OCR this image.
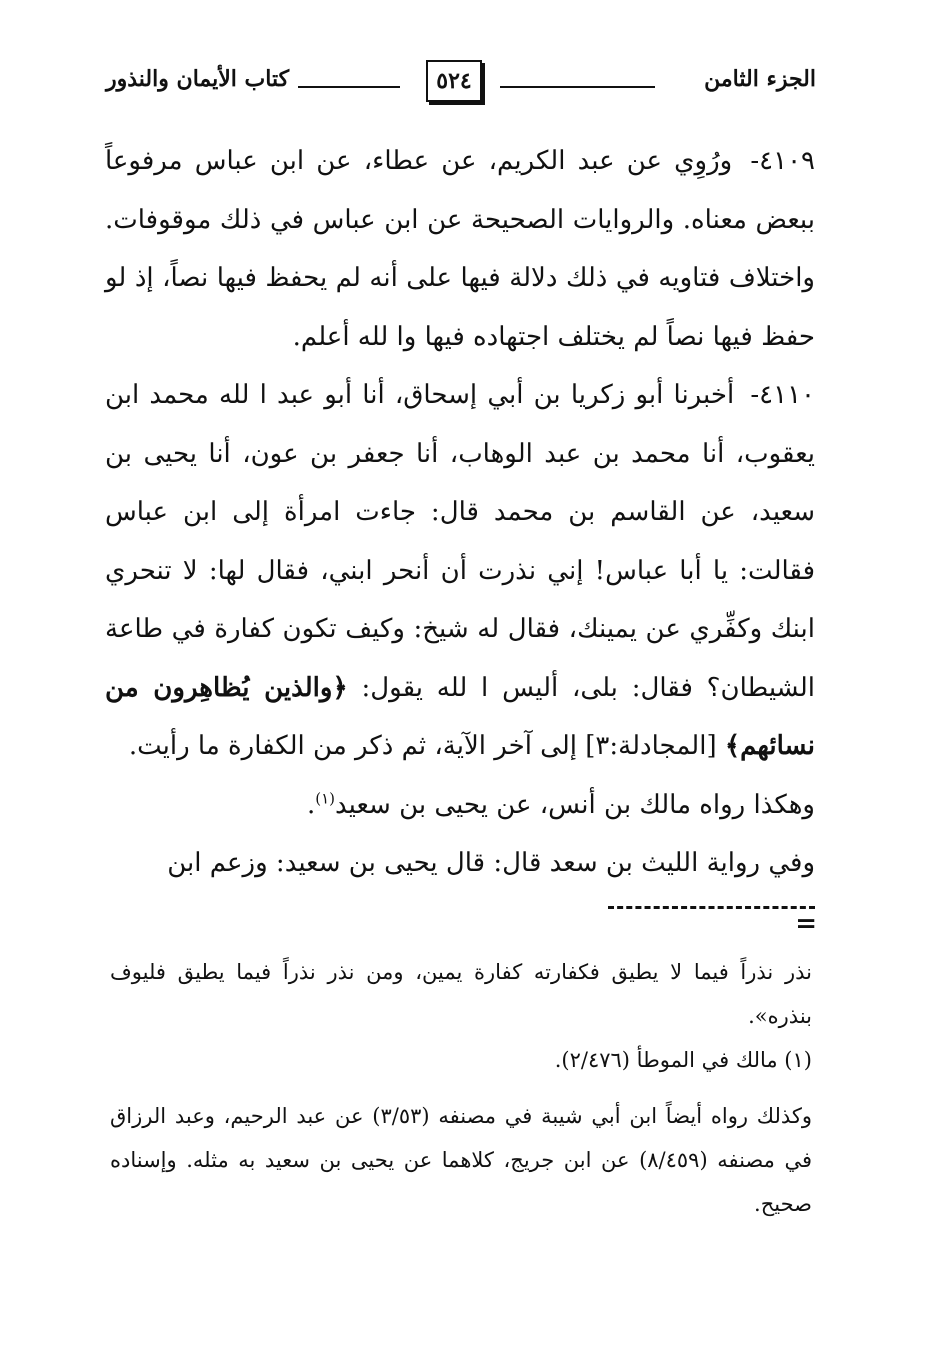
الجزء الثامن
٥٢٤
كتاب الأيمان والنذور

٤١٠٩- ورُوِي عن عبد الكريم، عن عطاء، عن ابن عباس مرفوعاً ببعض معناه. والروايات الصحيحة عن ابن عباس في ذلك موقوفات. واختلاف فتاويه في ذلك دلالة فيها على أنه لم يحفظ فيها نصاً، إذ لو حفظ فيها نصاً لم يختلف اجتهاده فيها وا لله أعلم.

٤١١٠- أخبرنا أبو زكريا بن أبي إسحاق، أنا أبو عبد ا لله محمد ابن يعقوب، أنا محمد بن عبد الوهاب، أنا جعفر بن عون، أنا يحيى بن سعيد، عن القاسم بن محمد قال: جاءت امرأة إلى ابن عباس فقالت: يا أبا عباس! إني نذرت أن أنحر ابني، فقال لها: لا تنحري ابنك وكفِّري عن يمينك، فقال له شيخ: وكيف تكون كفارة في طاعة الشيطان؟ فقال: بلى، أليس ا لله يقول: ﴿والذين يُظاهِرون من نسائهم﴾ [المجادلة:٣] إلى آخر الآية، ثم ذكر من الكفارة ما رأيت.

وهكذا رواه مالك بن أنس، عن يحيى بن سعيد$^{(١)}$.

وفي رواية الليث بن سعد قال: قال يحيى بن سعيد: وزعم ابن

=

نذر نذراً فيما لا يطيق فكفارته كفارة يمين، ومن نذر نذراً فيما يطيق فليوف بنذره».

(١) مالك في الموطأ (٢/٤٧٦).

وكذلك رواه أيضاً ابن أبي شيبة في مصنفه (٣/٥٣) عن عبد الرحيم، وعبد الرزاق في مصنفه (٨/٤٥٩) عن ابن جريج، كلاهما عن يحيى بن سعيد به مثله. وإسناده صحيح.
